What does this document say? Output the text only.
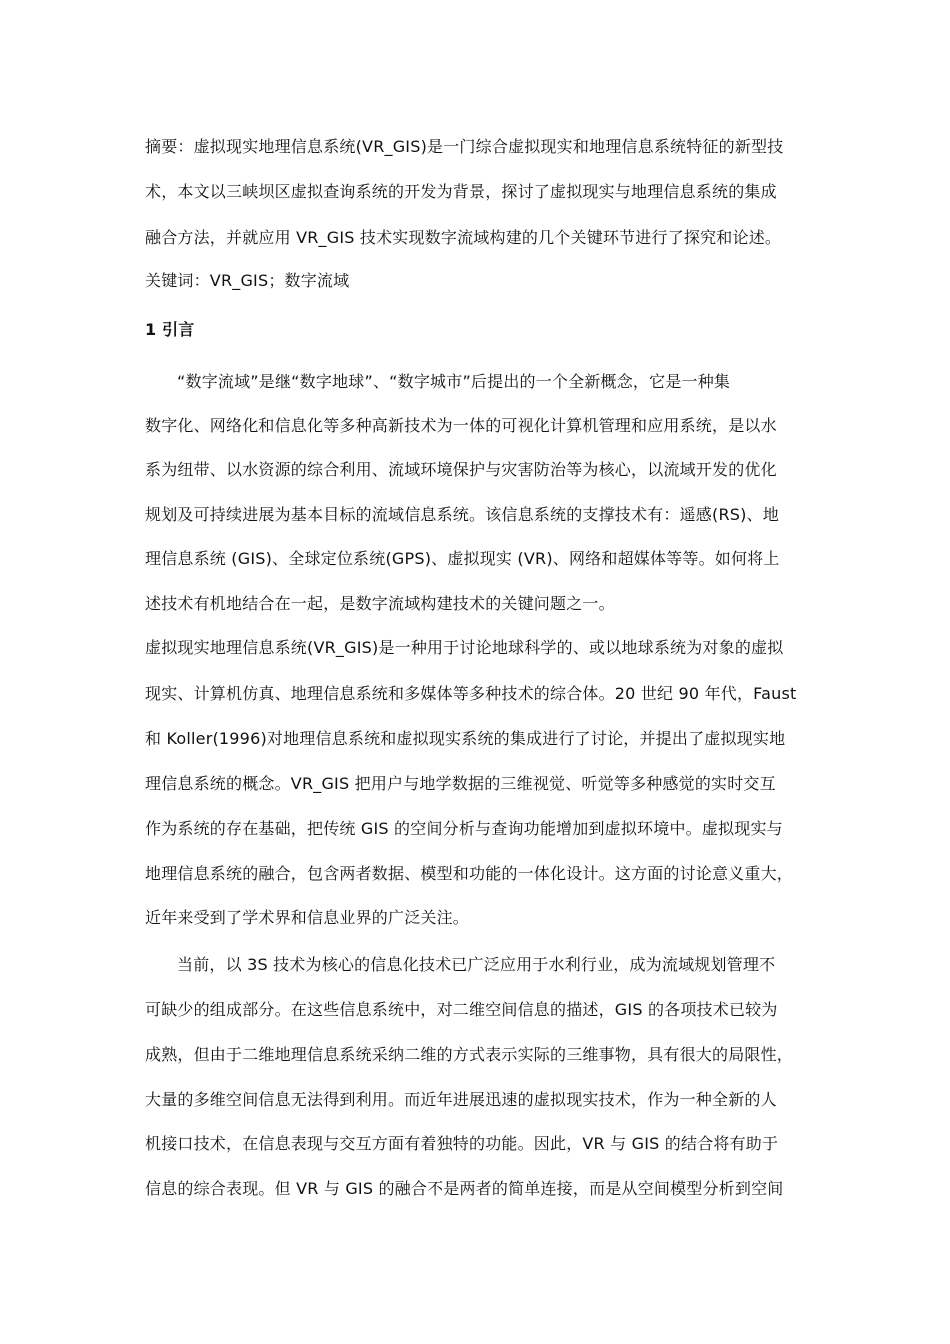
摘要：虚拟现实地理信息系统(VR_GIS)是一门综合虚拟现实和地理信息系统特征的新型技
术，本文以三峡坝区虚拟查询系统的开发为背景，探讨了虚拟现实与地理信息系统的集成
融合方法，并就应用 VR_GIS 技术实现数字流域构建的几个关键环节进行了探究和论述。
关键词：VR_GIS；数字流域
1 引言
“数字流域”是继“数字地球”、“数字城市”后提出的一个全新概念，它是一种集
数字化、网络化和信息化等多种高新技术为一体的可视化计算机管理和应用系统，是以水
系为纽带、以水资源的综合利用、流域环境保护与灾害防治等为核心，以流域开发的优化
规划及可持续进展为基本目标的流域信息系统。该信息系统的支撑技术有：遥感(RS)、地
理信息系统 (GIS)、全球定位系统(GPS)、虚拟现实 (VR)、网络和超媒体等等。如何将上
述技术有机地结合在一起，是数字流域构建技术的关键问题之一。
虚拟现实地理信息系统(VR_GIS)是一种用于讨论地球科学的、或以地球系统为对象的虚拟
现实、计算机仿真、地理信息系统和多媒体等多种技术的综合体。20 世纪 90 年代，Faust
和 Koller(1996)对地理信息系统和虚拟现实系统的集成进行了讨论，并提出了虚拟现实地
理信息系统的概念。VR_GIS 把用户与地学数据的三维视觉、听觉等多种感觉的实时交互
作为系统的存在基础，把传统 GIS 的空间分析与查询功能增加到虚拟环境中。虚拟现实与
地理信息系统的融合，包含两者数据、模型和功能的一体化设计。这方面的讨论意义重大，
近年来受到了学术界和信息业界的广泛关注。
当前，以 3S 技术为核心的信息化技术已广泛应用于水利行业，成为流域规划管理不
可缺少的组成部分。在这些信息系统中，对二维空间信息的描述，GIS 的各项技术已较为
成熟，但由于二维地理信息系统采纳二维的方式表示实际的三维事物，具有很大的局限性，
大量的多维空间信息无法得到利用。而近年进展迅速的虚拟现实技术，作为一种全新的人
机接口技术，在信息表现与交互方面有着独特的功能。因此，VR 与 GIS 的结合将有助于
信息的综合表现。但 VR 与 GIS 的融合不是两者的简单连接，而是从空间模型分析到空间
